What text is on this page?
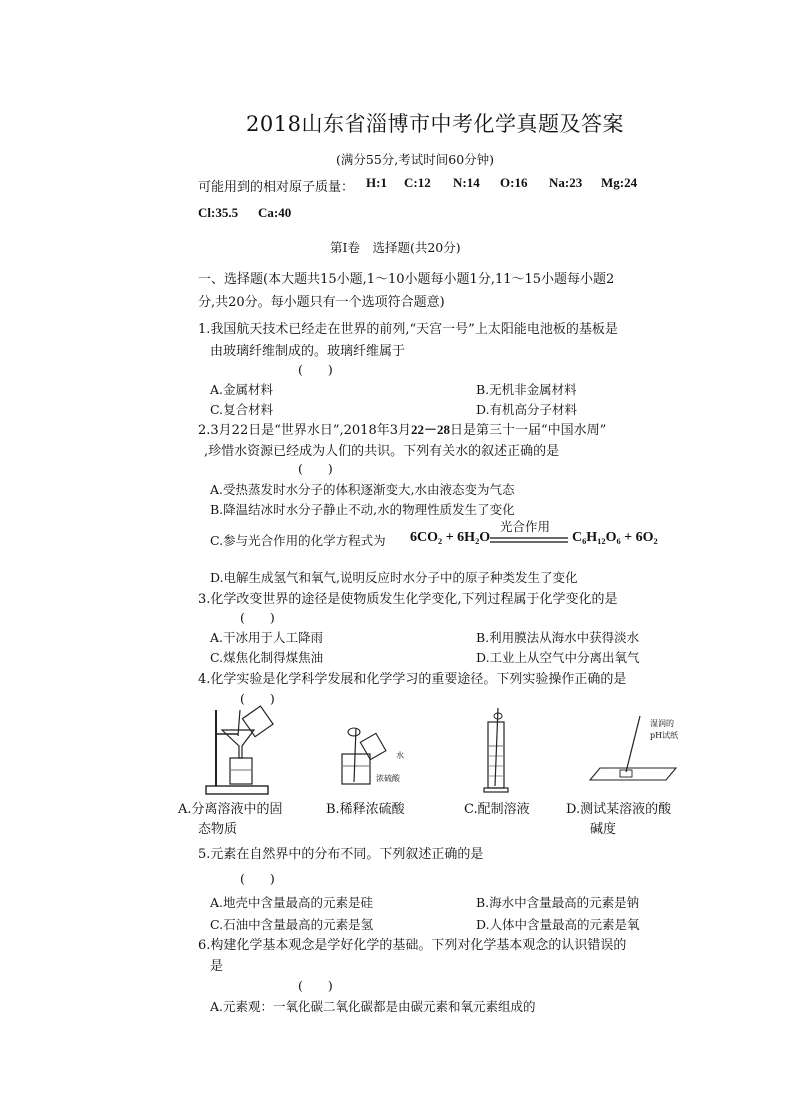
2018山东省淄博市中考化学真题及答案
(满分55分,考试时间60分钟)
可能用到的相对原子质量： H:1 C:12 N:14 O:16 Na:23 Mg:24
Cl:35.5 Ca:40
第Ⅰ卷　选择题(共20分)
一、选择题(本大题共15小题,1～10小题每小题1分,11～15小题每小题2
分,共20分。每小题只有一个选项符合题意)
1.我国航天技术已经走在世界的前列,“天宫一号”上太阳能电池板的基板是
由玻璃纤维制成的。玻璃纤维属于
(　　)
A.金属材料	B.无机非金属材料
C.复合材料	D.有机高分子材料
2.3月22日是“世界水日”,2018年3月22－28日是第三十一届“中国水周”
,珍惜水资源已经成为人们的共识。下列有关水的叙述正确的是
(　　)
A.受热蒸发时水分子的体积逐渐变大,水由液态变为气态
B.降温结冰时水分子静止不动,水的物理性质发生了变化
C.参与光合作用的化学方程式为
光合作用
6CO₂ + 6H₂O	C₆H₁₂O₆ + 6O₂
D.电解生成氢气和氧气,说明反应时水分子中的原子种类发生了变化
3.化学改变世界的途径是使物质发生化学变化,下列过程属于化学变化的是
(　　)
A.干冰用于人工降雨	B.利用膜法从海水中获得淡水
C.煤焦化制得煤焦油	D.工业上从空气中分离出氧气
4.化学实验是化学科学发展和化学学习的重要途径。下列实验操作正确的是
(　　)
水
浓硫酸
湿润的
pH试纸
A.分离溶液中的固
态物质
B.稀释浓硫酸	C.配制溶液	D.测试某溶液的酸
碱度
5.元素在自然界中的分布不同。下列叙述正确的是
(　　)
A.地壳中含量最高的元素是硅	B.海水中含量最高的元素是钠
C.石油中含量最高的元素是氢	D.人体中含量最高的元素是氧
6.构建化学基本观念是学好化学的基础。下列对化学基本观念的认识错误的
是
(　　)
A.元素观：一氧化碳二氧化碳都是由碳元素和氧元素组成的
